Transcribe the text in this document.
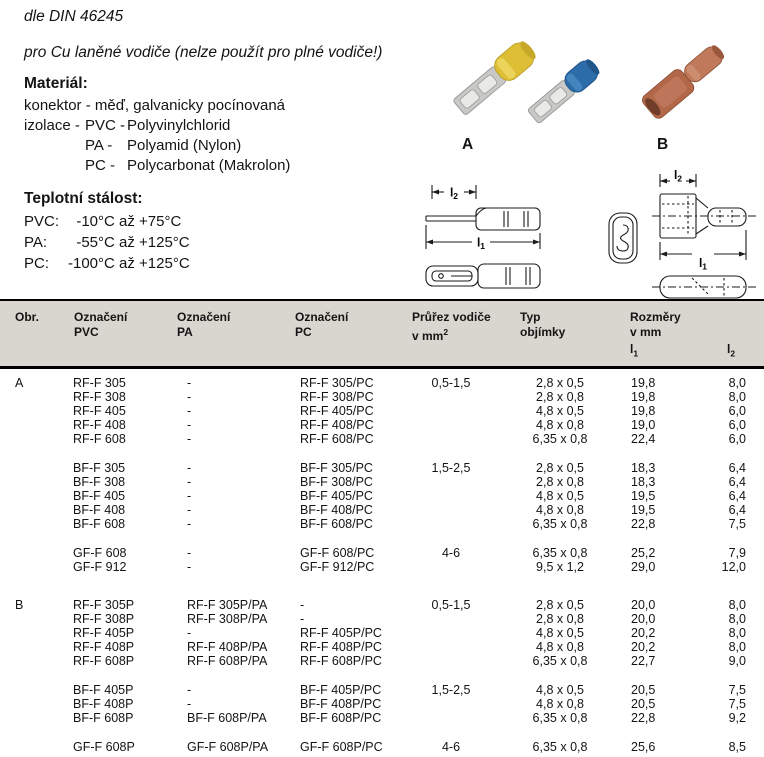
dle DIN 46245
pro Cu laněné vodiče (nelze použít pro plné vodiče!)
Materiál:
konektor - měď, galvanicky pocínovaná
izolace - PVC - Polyvinylchlorid
PA - Polyamid (Nylon)
PC - Polycarbonat (Makrolon)
Teplotní stálost:
PVC: -10°C až +75°C
PA:	-55°C až +125°C
PC:	-100°C až +125°C
A	B
$l_2$
$l_1$
$l_2$
$l_1$
Obr.	Označení
PVC
Označení
PA
Označení
PC
Průřez vodiče
v $mm^2$
Typ
objímky
Rozměry
v mm
$l_1$	$l_2$
A	RF-F 305	-	RF-F 305/PC	0,5-1,5	2,8 x 0,5	19,8	8,0
RF-F 308	-	RF-F 308/PC	2,8 x 0,8	19,8	8,0
RF-F 405	-	RF-F 405/PC	4,8 x 0,5	19,8	6,0
RF-F 408	-	RF-F 408/PC	4,8 x 0,8	19,0	6,0
RF-F 608	-	RF-F 608/PC	6,35 x 0,8	22,4	6,0
BF-F 305	-	BF-F 305/PC	1,5-2,5	2,8 x 0,5	18,3	6,4
BF-F 308	-	BF-F 308/PC	2,8 x 0,8	18,3	6,4
BF-F 405	-	BF-F 405/PC	4,8 x 0,5	19,5	6,4
BF-F 408	-	BF-F 408/PC	4,8 x 0,8	19,5	6,4
BF-F 608	-	BF-F 608/PC	6,35 x 0,8	22,8	7,5
GF-F 608	-	GF-F 608/PC	4-6	6,35 x 0,8	25,2	7,9
GF-F 912	-	GF-F 912/PC	9,5 x 1,2	29,0	12,0
B	RF-F 305P	RF-F 305P/PA	-	0,5-1,5	2,8 x 0,5	20,0	8,0
RF-F 308P	RF-F 308P/PA	-	2,8 x 0,8	20,0	8,0
RF-F 405P	-	RF-F 405P/PC	4,8 x 0,5	20,2	8,0
RF-F 408P	RF-F 408P/PA	RF-F 408P/PC	4,8 x 0,8	20,2	8,0
RF-F 608P	RF-F 608P/PA	RF-F 608P/PC	6,35 x 0,8	22,7	9,0
BF-F 405P	-	BF-F 405P/PC	1,5-2,5	4,8 x 0,5	20,5	7,5
BF-F 408P	-	BF-F 408P/PC	4,8 x 0,8	20,5	7,5
BF-F 608P	BF-F 608P/PA	BF-F 608P/PC	6,35 x 0,8	22,8	9,2
GF-F 608P	GF-F 608P/PA	GF-F 608P/PC	4-6	6,35 x 0,8	25,6	8,5
